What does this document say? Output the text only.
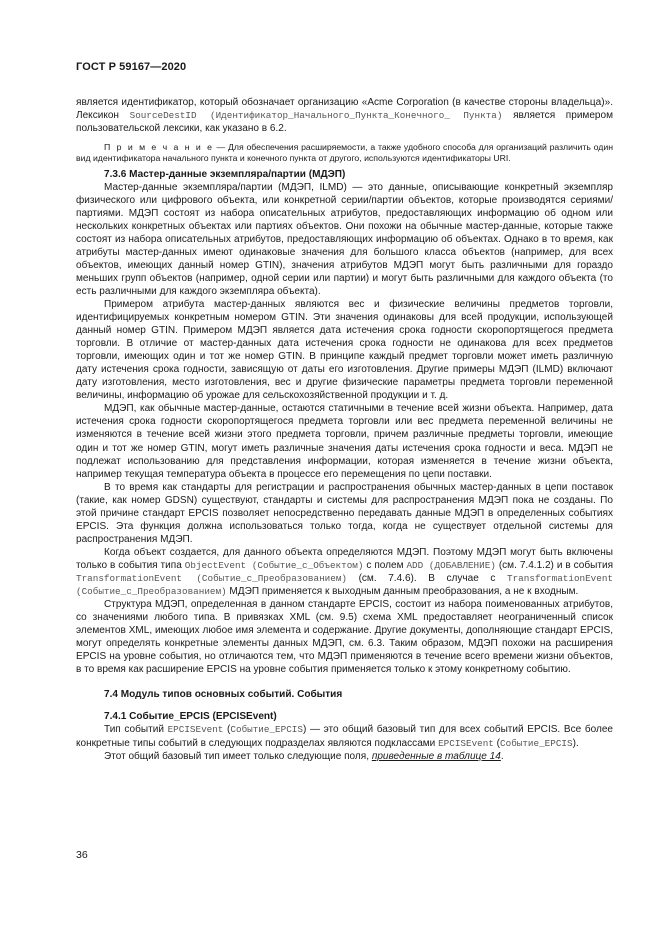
ГОСТ Р 59167—2020

является идентификатор, который обозначает организацию «Acme Corporation (в качестве стороны владельца)». Лексикон SourceDestID (Идентификатор_Начального_Пункта_Конечного_ Пункта) является примером пользовательской лексики, как указано в 6.2.

П р и м е ч а н и е — Для обеспечения расширяемости, а также удобного способа для организаций различить один вид идентификатора начального пункта и конечного пункта от другого, используются идентификаторы URI.

7.3.6 Мастер-данные экземпляра/партии (МДЭП)

Мастер-данные экземпляра/партии (МДЭП, ILMD) — это данные, описывающие конкретный экземпляр физического или цифрового объекта, или конкретной серии/партии объектов, которые производятся сериями/партиями. МДЭП состоят из набора описательных атрибутов, предоставляющих информацию об одном или нескольких конкретных объектах или партиях объектов. Они похожи на обычные мастер-данные, которые также состоят из набора описательных атрибутов, предоставляющих информацию об объектах. Однако в то время, как атрибуты мастер-данных имеют одинаковые значения для большого класса объектов (например, для всех объектов, имеющих данный номер GTIN), значения атрибутов МДЭП могут быть различными для гораздо меньших групп объектов (например, одной серии или партии) и могут быть различными для каждого объекта (то есть различными для каждого экземпляра объекта).

Примером атрибута мастер-данных являются вес и физические величины предметов торговли, идентифицируемых конкретным номером GTIN. Эти значения одинаковы для всей продукции, использующей данный номер GTIN. Примером МДЭП является дата истечения срока годности скоропортящегося предмета торговли. В отличие от мастер-данных дата истечения срока годности не одинакова для всех предметов торговли, имеющих один и тот же номер GTIN. В принципе каждый предмет торговли может иметь различную дату истечения срока годности, зависящую от даты его изготовления. Другие примеры МДЭП (ILMD) включают дату изготовления, место изготовления, вес и другие физические параметры предмета торговли переменной величины, информацию об урожае для сельскохозяйственной продукции и т. д.

МДЭП, как обычные мастер-данные, остаются статичными в течение всей жизни объекта. Например, дата истечения срока годности скоропортящегося предмета торговли или вес предмета переменной величины не изменяются в течение всей жизни этого предмета торговли, причем различные предметы торговли, имеющие один и тот же номер GTIN, могут иметь различные значения даты истечения срока годности и веса. МДЭП не подлежат использованию для представления информации, которая изменяется в течение жизни объекта, например текущая температура объекта в процессе его перемещения по цепи поставки.

В то время как стандарты для регистрации и распространения обычных мастер-данных в цепи поставок (такие, как номер GDSN) существуют, стандарты и системы для распространения МДЭП пока не созданы. По этой причине стандарт EPCIS позволяет непосредственно передавать данные МДЭП в определенных событиях EPCIS. Эта функция должна использоваться только тогда, когда не существует отдельной системы для распространения МДЭП.

Когда объект создается, для данного объекта определяются МДЭП. Поэтому МДЭП могут быть включены только в события типа ObjectEvent (Событие_с_Объектом) с полем ADD (ДОБАВЛЕНИЕ) (см. 7.4.1.2) и в события TransformationEvent (Событие_с_Преобразованием) (см. 7.4.6). В случае с TransformationEvent (Событие_с_Преобразованием) МДЭП применяется к выходным данным преобразования, а не к входным.

Структура МДЭП, определенная в данном стандарте EPCIS, состоит из набора поименованных атрибутов, со значениями любого типа. В привязках XML (см. 9.5) схема XML предоставляет неограниченный список элементов XML, имеющих любое имя элемента и содержание. Другие документы, дополняющие стандарт EPCIS, могут определять конкретные элементы данных МДЭП, см. 6.3. Таким образом, МДЭП похожи на расширения EPCIS на уровне события, но отличаются тем, что МДЭП применяются в течение всего времени жизни объектов, в то время как расширение EPCIS на уровне события применяется только к этому конкретному событию.

7.4 Модуль типов основных событий. События

7.4.1 Событие_EPCIS (EPCISEvent)

Тип событий EPCISEvent (Событие_EPCIS) — это общий базовый тип для всех событий EPCIS. Все более конкретные типы событий в следующих подразделах являются подклассами EPCISEvent (Событие_EPCIS).

Этот общий базовый тип имеет только следующие поля, приведенные в таблице 14.

36
